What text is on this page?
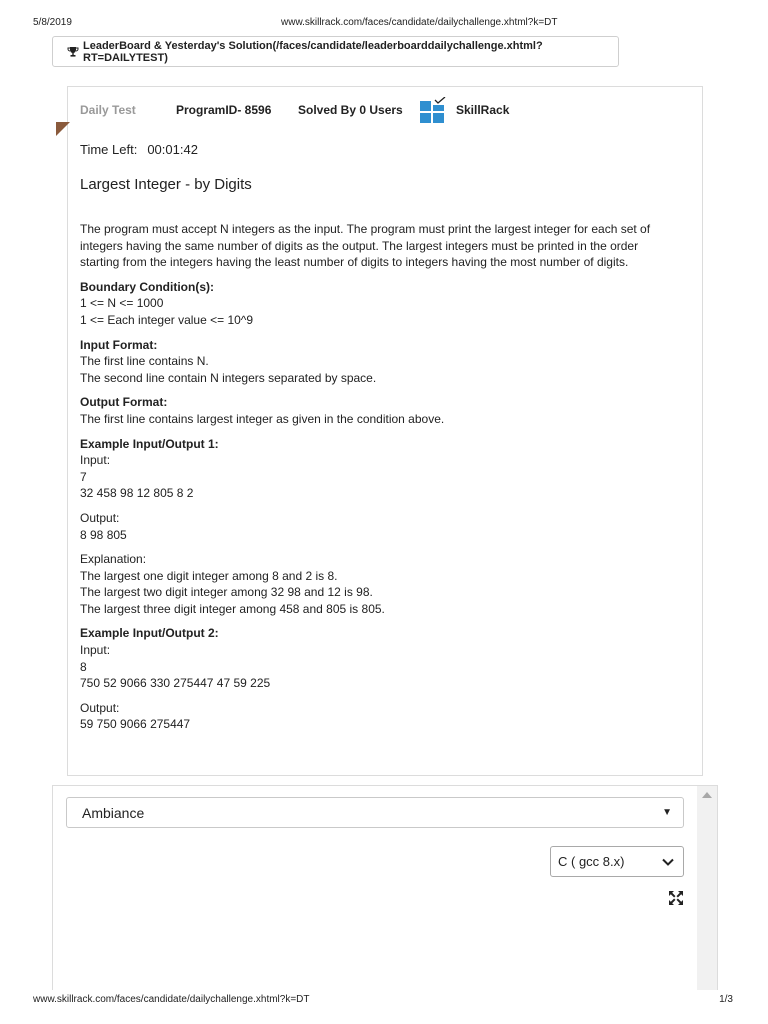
5/8/2019	www.skillrack.com/faces/candidate/dailychallenge.xhtml?k=DT
LeaderBoard & Yesterday's Solution(/faces/candidate/leaderboarddailychallenge.xhtml?RT=DAILYTEST)
Daily Test	ProgramID- 8596	Solved By 0 Users	SkillRack
Time Left: 00:01:42
Largest Integer - by Digits

The program must accept N integers as the input. The program must print the largest integer for each set of integers having the same number of digits as the output. The largest integers must be printed in the order starting from the integers having the least number of digits to integers having the most number of digits.

Boundary Condition(s):
1 <= N <= 1000
1 <= Each integer value <= 10^9

Input Format:
The first line contains N.
The second line contain N integers separated by space.

Output Format:
The first line contains largest integer as given in the condition above.

Example Input/Output 1:
Input:
7
32 458 98 12 805 8 2

Output:
8 98 805

Explanation:
The largest one digit integer among 8 and 2 is 8.
The largest two digit integer among 32 98 and 12 is 98.
The largest three digit integer among 458 and 805 is 805.

Example Input/Output 2:
Input:
8
750 52 9066 330 275447 47 59 225

Output:
59 750 9066 275447

Ambiance	▼
C ( gcc 8.x)
www.skillrack.com/faces/candidate/dailychallenge.xhtml?k=DT	1/3
